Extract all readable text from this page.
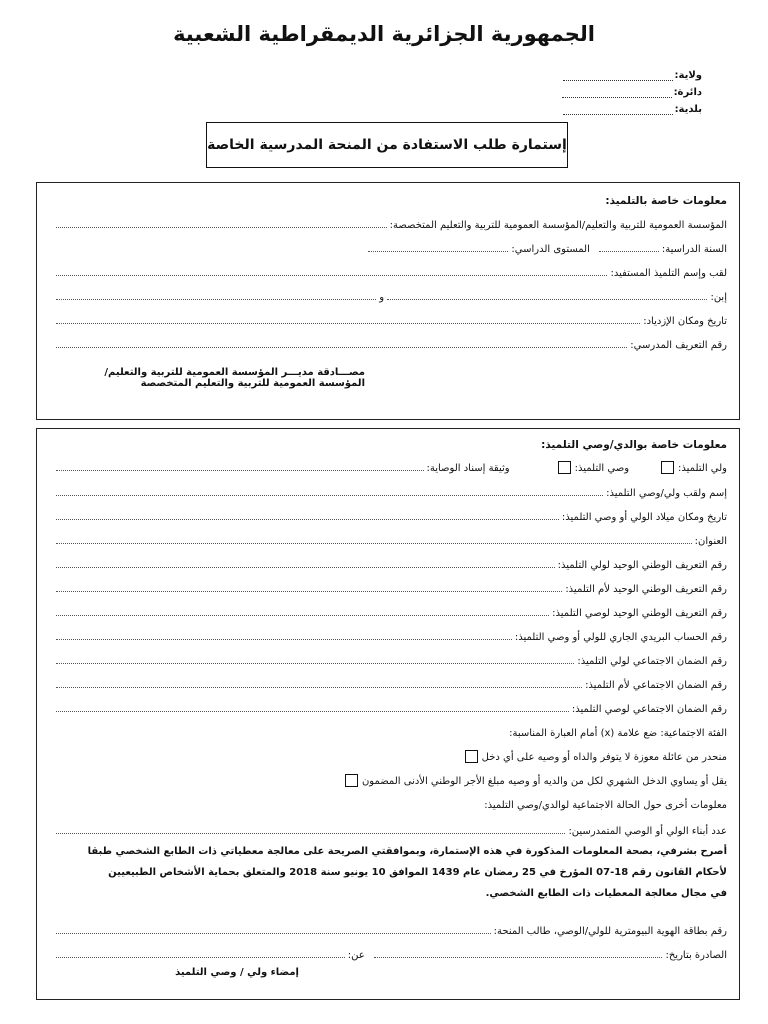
الجمهورية الجزائرية الديمقراطية الشعبية
ولاية:
دائرة:
بلدية:
إستمارة طلب الاستفادة من المنحة المدرسية الخاصة
معلومات خاصة بالتلميذ:
المؤسسة العمومية للتربية والتعليم/المؤسسة العمومية للتربية والتعليم المتخصصة:
السنة الدراسية:
المستوى الدراسي:
لقب وإسم التلميذ المستفيد:
إبن:
و
تاريخ ومكان الإزدياد:
رقم التعريف المدرسي:
مصـــادقة مديـــر المؤسسة العمومية للتربية والتعليم/
المؤسسة العمومية للتربية والتعليم المتخصصة
معلومات خاصة بوالدي/وصي التلميذ:
ولي التلميذ:
وصي التلميذ:
وثيقة إسناد الوصاية:
إسم ولقب ولي/وصي التلميذ:
تاريخ ومكان ميلاد الولي أو وصي التلميذ:
العنوان:
رقم التعريف الوطني الوحيد لولي التلميذ:
رقم التعريف الوطني الوحيد لأم التلميذ:
رقم التعريف الوطني الوحيد لوصي التلميذ:
رقم الحساب البريدي الجاري للولي أو وصي التلميذ:
رقم الضمان الاجتماعي لولي التلميذ:
رقم الضمان الاجتماعي لأم التلميذ:
رقم الضمان الاجتماعي لوصي التلميذ:
الفئة الاجتماعية: ضع علامة (x) أمام العبارة المناسبة:
منحدر من عائلة معوزة لا يتوفر والداه أو وصيه على أي دخل
يقل أو يساوي الدخل الشهري لكل من والديه أو وصيه مبلغ الأجر الوطني الأدنى المضمون
معلومات أخرى حول الحالة الاجتماعية لوالدي/وصي التلميذ:
عدد أبناء الولي أو الوصي المتمدرسين:
أصرح بشرفي، بصحة المعلومات المذكورة في هذه الإستمارة، وبموافقتي الصريحة على معالجة معطياتي ذات الطابع الشخصي طبقا
لأحكام القانون رقم 18-07 المؤرخ في 25 رمضان عام 1439 الموافق 10 يونيو سنة 2018 والمتعلق بحماية الأشخاص الطبيعيين
في مجال معالجة المعطيات ذات الطابع الشخصي.
رقم بطاقة الهوية البيومترية للولي/الوصي، طالب المنحة:
الصادرة بتاريخ:
عن:
إمضاء ولي / وصي التلميذ
